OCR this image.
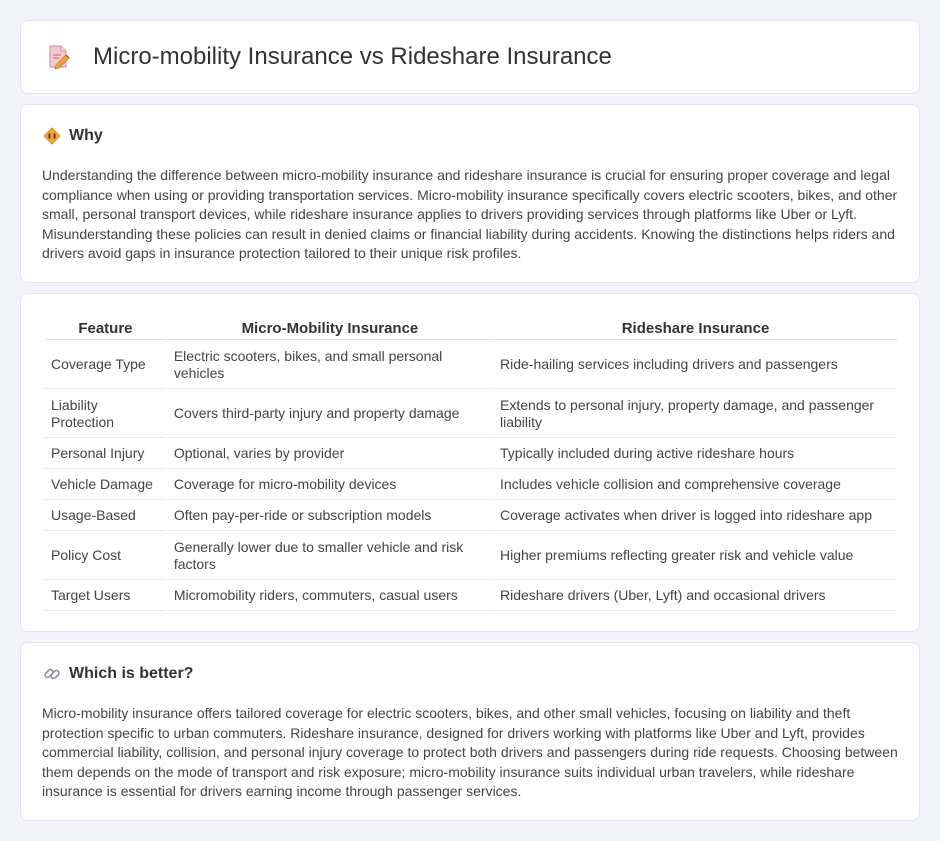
Micro-mobility Insurance vs Rideshare Insurance
Why

Understanding the difference between micro-mobility insurance and rideshare insurance is crucial for ensuring proper coverage and legal compliance when using or providing transportation services. Micro-mobility insurance specifically covers electric scooters, bikes, and other small, personal transport devices, while rideshare insurance applies to drivers providing services through platforms like Uber or Lyft. Misunderstanding these policies can result in denied claims or financial liability during accidents. Knowing the distinctions helps riders and drivers avoid gaps in insurance protection tailored to their unique risk profiles.

Feature	Micro-Mobility Insurance	Rideshare Insurance
Coverage Type	Electric scooters, bikes, and small personal vehicles	Ride-hailing services including drivers and passengers
Liability Protection	Covers third-party injury and property damage	Extends to personal injury, property damage, and passenger liability
Personal Injury	Optional, varies by provider	Typically included during active rideshare hours
Vehicle Damage	Coverage for micro-mobility devices	Includes vehicle collision and comprehensive coverage
Usage-Based	Often pay-per-ride or subscription models	Coverage activates when driver is logged into rideshare app
Policy Cost	Generally lower due to smaller vehicle and risk factors	Higher premiums reflecting greater risk and vehicle value
Target Users	Micromobility riders, commuters, casual users	Rideshare drivers (Uber, Lyft) and occasional drivers
Which is better?

Micro-mobility insurance offers tailored coverage for electric scooters, bikes, and other small vehicles, focusing on liability and theft protection specific to urban commuters. Rideshare insurance, designed for drivers working with platforms like Uber and Lyft, provides commercial liability, collision, and personal injury coverage to protect both drivers and passengers during ride requests. Choosing between them depends on the mode of transport and risk exposure; micro-mobility insurance suits individual urban travelers, while rideshare insurance is essential for drivers earning income through passenger services.
